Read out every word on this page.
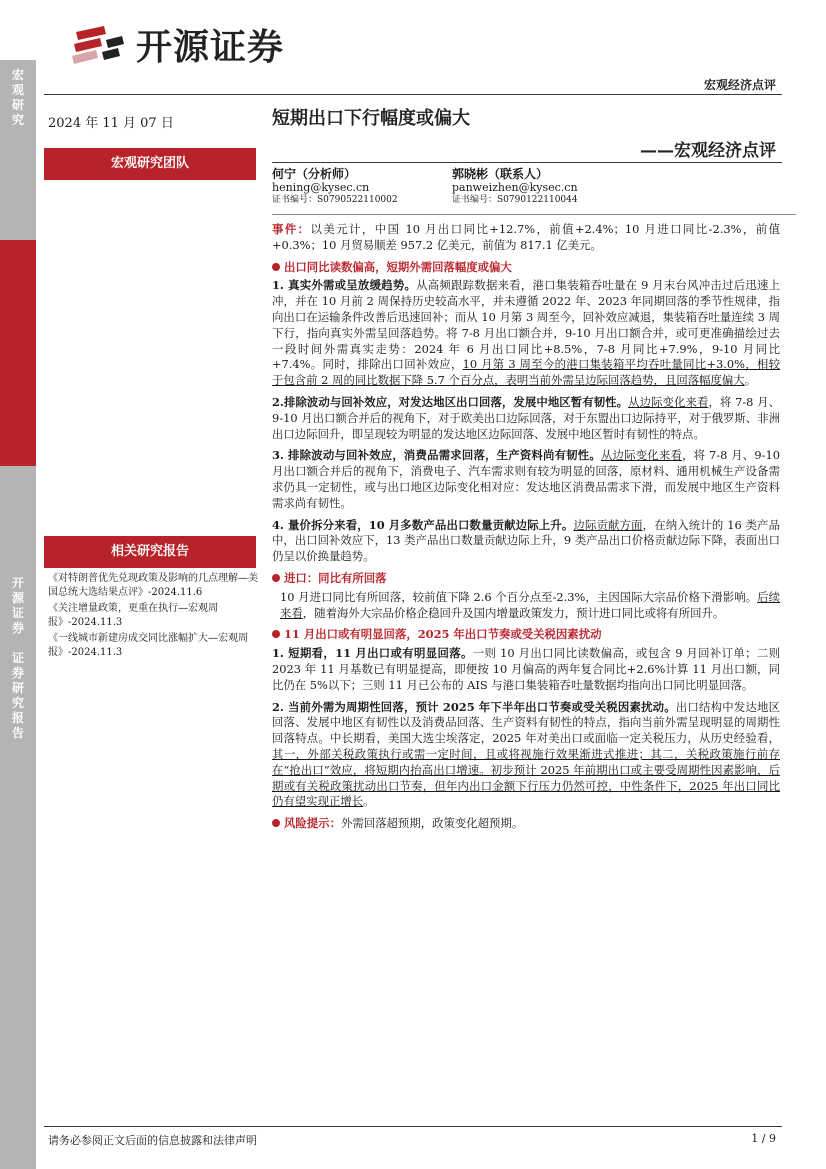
开源证券
宏观经济点评
宏
观
研
究
宏
观
经
济
点
评
开
源
证
券

证
券
研
究
报
告
2024 年 11 月 07 日
宏观研究团队
相关研究报告
《对特朗普优先兑现政策及影响的几点理解—美国总统大选结果点评》-2024.11.6
《关注增量政策，更重在执行—宏观周报》-2024.11.3
《一线城市新建房成交同比涨幅扩大—宏观周报》-2024.11.3
短期出口下行幅度或偏大
——宏观经济点评
何宁（分析师）
hening@kysec.cn
证书编号：S0790522110002
郭晓彬（联系人）
panweizhen@kysec.cn
证书编号：S0790122110044
事件：以美元计，中国 10 月出口同比+12.7%，前值+2.4%；10 月进口同比-2.3%，前值+0.3%；10 月贸易顺差 957.2 亿美元，前值为 817.1 亿美元。
出口同比读数偏高，短期外需回落幅度或偏大
1. 真实外需或呈放缓趋势。从高频跟踪数据来看，港口集装箱吞吐量在 9 月末台风冲击过后迅速上冲，并在 10 月前 2 周保持历史较高水平，并未遵循 2022 年、2023 年同期回落的季节性规律，指向出口在运输条件改善后迅速回补；而从 10 月第 3 周至今，回补效应减退，集装箱吞吐量连续 3 周下行，指向真实外需呈回落趋势。将 7-8 月出口额合并，9-10 月出口额合并，或可更准确描绘过去一段时间外需真实走势：2024 年 6 月出口同比+8.5%，7-8 月同比+7.9%，9-10 月同比+7.4%。同时，排除出口回补效应，10 月第 3 周至今的港口集装箱平均吞吐量同比+3.0%，相较于包含前 2 周的同比数据下降 5.7 个百分点，表明当前外需呈边际回落趋势，且回落幅度偏大。
2.排除波动与回补效应，对发达地区出口回落，发展中地区暂有韧性。从边际变化来看，将 7-8 月、9-10 月出口额合并后的视角下，对于欧美出口边际回落，对于东盟出口边际持平，对于俄罗斯、非洲出口边际回升，即呈现较为明显的发达地区边际回落、发展中地区暂时有韧性的特点。
3. 排除波动与回补效应，消费品需求回落，生产资料尚有韧性。从边际变化来看，将 7-8 月、9-10 月出口额合并后的视角下，消费电子、汽车需求则有较为明显的回落，原材料、通用机械生产设备需求仍具一定韧性，或与出口地区边际变化相对应：发达地区消费品需求下滑，而发展中地区生产资料需求尚有韧性。
4. 量价拆分来看，10 月多数产品出口数量贡献边际上升。边际贡献方面，在纳入统计的 16 类产品中，出口回补效应下，13 类产品出口数量贡献边际上升，9 类产品出口价格贡献边际下降，表面出口仍呈以价换量趋势。
进口：同比有所回落
10 月进口同比有所回落，较前值下降 2.6 个百分点至-2.3%，主因国际大宗品价格下滑影响。后续来看，随着海外大宗品价格企稳回升及国内增量政策发力，预计进口同比或将有所回升。
11 月出口或有明显回落，2025 年出口节奏或受关税因素扰动
1. 短期看，11 月出口或有明显回落。一则 10 月出口同比读数偏高，或包含 9 月回补订单；二则 2023 年 11 月基数已有明显提高，即便按 10 月偏高的两年复合同比+2.6%计算 11 月出口额，同比仍在 5%以下；三则 11 月已公布的 AIS 与港口集装箱吞吐量数据均指向出口同比明显回落。
2. 当前外需为周期性回落，预计 2025 年下半年出口节奏或受关税因素扰动。出口结构中发达地区回落、发展中地区有韧性以及消费品回落、生产资料有韧性的特点，指向当前外需呈现明显的周期性回落特点。中长期看，美国大选尘埃落定，2025 年对美出口或面临一定关税压力，从历史经验看，其一，外部关税政策执行或需一定时间，且或将视施行效果渐进式推进；其二，关税政策施行前存在“抢出口”效应，将短期内抬高出口增速。初步预计 2025 年前期出口或主要受周期性因素影响，后期或有关税政策扰动出口节奏，但年内出口金额下行压力仍然可控，中性条件下，2025 年出口同比仍有望实现正增长。
风险提示：外需回落超预期，政策变化超预期。
请务必参阅正文后面的信息披露和法律声明	1 / 9
